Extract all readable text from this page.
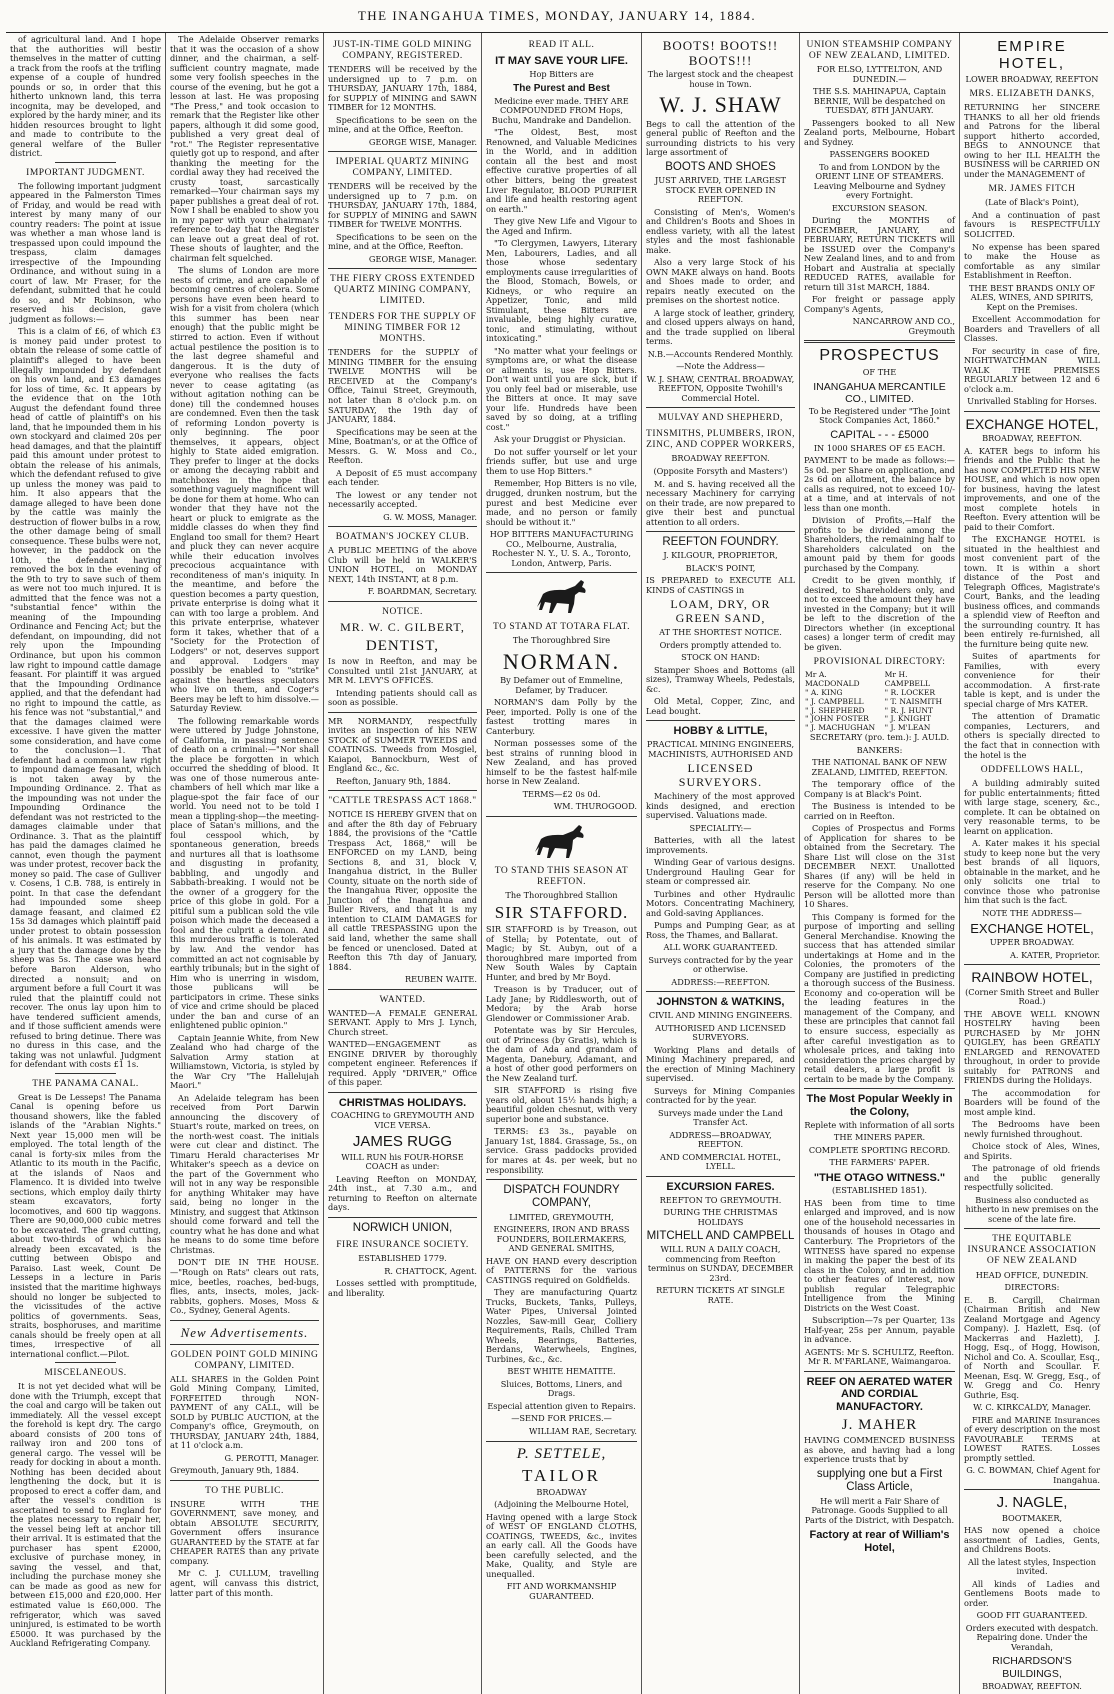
THE INANGAHUA TIMES, MONDAY, JANUARY 14, 1884.

of agricultural land. And I hope that the authorities will bestir themselves in the matter of cutting a track from the roofs at the trifling expense of a couple of hundred pounds or so, in order that this hitherto unknown land, this terra incognita, may be developed, and explored by the hardy miner, and its hidden resources brought to light and made to contribute to the general welfare of the Buller district.

IMPORTANT JUDGMENT.

The following important judgment appeared in the Palmerston Times of Friday, and would be read with interest by many many of our country readers: The point at issue was whether a man whose land is trespassed upon could impound the trespass, claim damages irrespective of the Impounding Ordinance, and without suing in a court of law. Mr Fraser, for the defendant, submitted that he could do so, and Mr Robinson, who reserved his decision, gave judgment as follows:—

This is a claim of £6, of which £3 is money paid under protest to obtain the release of some cattle of plaintiff's alleged to have been illegally impounded by defendant on his own land, and £3 damages for loss of time, &c. It appears by the evidence that on the 10th August the defendant found three head of cattle of plaintiff's on his land, that he impounded them in his own stockyard and claimed 20s per head damages, and that the plaintiff paid this amount under protest to obtain the release of his animals, which the defendant refused to give up unless the money was paid to him. It also appears that the damage alleged to have been done by the cattle was mainly the destruction of flower bulbs in a row, the other damage being of small consequence. These bulbs were not, however, in the paddock on the 10th, the defendant having removed the box in the evening of the 9th to try to save such of them as were not too much injured. It is admitted that the fence was not a "substantial fence" within the meaning of the Impounding Ordinance and Fencing Act; but the defendant, on impounding, did not rely upon the Impounding Ordinance, but upon his common law right to impound cattle damage feasant. For plaintiff it was argued that the Impounding Ordinance applied, and that the defendant had no right to impound the cattle, as his fence was not "substantial," and that the damages claimed were excessive. I have given the matter some consideration, and have come to the conclusion—1. That defendant had a common law right to impound damage feasant, which is not taken away by the Impounding Ordinance. 2. That as the impounding was not under the Impounding Ordinance the defendant was not restricted to the damages claimable under that Ordinance. 3. That as the plaintiff has paid the damages claimed he cannot, even though the payment was under protest, recover back the money so paid. The case of Gulliver v. Cosens, 1 C.B. 788, is entirely in point. In that case the defendant had impounded some sheep damage feasant, and claimed £2 15s 3d damages which plaintiff paid under protest to obtain possession of his animals. It was estimated by a jury that the damage done by the sheep was 5s. The case was heard before Baron Alderson, who directed a nonsuit; and on argument before a full Court it was ruled that the plaintiff could not recover. The onus lay upon him to have tendered sufficient amends, and if those sufficient amends were refused to bring detinue. There was no duress in this case, and the taking was not unlawful. Judgment for defendant with costs £1 1s.

THE PANAMA CANAL.

Great is De Lesseps! The Panama Canal is opening before us thousand showers, like the fabled islands of the "Arabian Nights." Next year 15,000 men will be employed. The total length of the canal is forty-six miles from the Atlantic to its mouth in the Pacific, at the islands of Naos and Flamenco. It is divided into twelve sections, which employ daily thirty steam excavators, forty locomotives, and 600 tip waggons. There are 90,000,000 cubic metres to be excavated. The grand cutting, about two-thirds of which has already been excavated, is the cutting between Obispo and Paraiso. Last week, Count De Lesseps in a lecture in Paris insisted that the maritime highways should no longer be subjected to the vicissitudes of the active politics of governments. Seas, straits, bosphoruses, and maritime canals should be freely open at all times, irrespective of all international conflict.—Pilot.

MISCELANEOUS.

It is not yet decided what will be done with the Triumph, except that the coal and cargo will be taken out immediately. All the vessel except the forehold is kept dry. The cargo aboard consists of 200 tons of railway iron and 200 tons of general cargo. The vessel will be ready for docking in about a month. Nothing has been decided about lengthening the dock, but it is proposed to erect a coffer dam, and after the vessel's condition is ascertained to send to England for the plates necessary to repair her, the vessel being left at anchor till their arrival. It is estimated that the purchaser has spent £2000, exclusive of purchase money, in saving the vessel, and that, including the purchase money she can be made as good as new for between £15,000 and £20,000. Her estimated value is £60,000. The refrigerator, which was saved uninjured, is estimated to be worth £5000. It was purchased by the Auckland Refrigerating Company.

The Adelaide Observer remarks that it was the occasion of a show dinner, and the chairman, a self-sufficient country magnate, made some very foolish speeches in the course of the evening, but he got a lesson at last. He was proposing "The Press," and took occasion to remark that the Register like other papers, although it did some good, published a very great deal of "rot." The Register representative quietly got up to respond, and after thanking the meeting for the cordial away they had received the crusty toast, sarcastically remarked—Your chairman says my paper publishes a great deal of rot. Now I shall be enabled to show you in my paper with your chairman's reference to-day that the Register can leave out a great deal of rot. These shouts of laughter, and the chairman felt squelched.

The slums of London are more nests of crime, and are capable of becoming centres of cholera. Some persons have even been heard to wish for a visit from cholera (which this summer has been near enough) that the public might be stirred to action. Even if without actual pestilence the position is to the last degree shameful and dangerous. It is the duty of everyone who realises the facts never to cease agitating (as without agitation nothing can be done) till the condemned houses are condemned. Even then the task of reforming London poverty is only beginning. The poor themselves, it appears, object highly to State aided emigration. They prefer to linger at the docks or among the decaying rabbit and matchboxes in the hope that something vaguely magnificent will be done for them at home. Who can wonder that they have not the heart or pluck to emigrate as the middle classes do when they find England too small for them? Heart and pluck they can never acquire while their education involves precocious acquaintance with reconditeness of man's iniquity. In the meantime, and before the question becomes a party question, private enterprise is doing what it can with too large a problem. And this private enterprise, whatever form it takes, whether that of a "Society for the Protection of Lodgers" or not, deserves support and approval. Lodgers may possibly be enabled to "strike" against the heartless speculators who live on them, and Coger's Beers may be left to him dissolve.—Saturday Review.

The following remarkable words were uttered by Judge Johnstone, of California, in passing sentence of death on a criminal:—"Nor shall the place be forgotten in which occurred the shedding of blood. It was one of those numerous ante-chambers of hell which mar like a plague-spot the fair face of our world. You need not to be told I mean a tippling-shop—the meeting-place of Satan's millions, and the foul cesspool which, by spontaneous generation, breeds and nurtures all that is loathsome and disgusting in profanity, babbling, and ungodly and Sabbath-breaking. I would not be the owner of a groggery for the price of this globe in gold. For a pitiful sum a publican sold the vile poison which made the deceased a fool and the culprit a demon. And this murderous traffic is tolerated by law. And the vendor has committed an act not cognisable by earthly tribunals; but in the sight of Him who is unerring in wisdom, those publicans will be participators in crime. These sinks of vice and crime should be placed under the ban and curse of an enlightened public opinion."

Captain Jeannie White, from New Zealand who had charge of the Salvation Army station at Williamstown, Victoria, is styled by the War Cry "The Hallelujah Maori."

An Adelaide telegram has been received from Port Darwin announcing the discovery of Stuart's route, marked on trees, on the north-west coast. The initials were cut clear and distinct. The Timaru Herald characterises Mr Whitaker's speech as a device on the part of the Government who will not in any way be responsible for anything Whitaker may have said, being no longer in the Ministry, and suggest that Atkinson should come forward and tell the country what he has done and what he means to do some time before Christmas.

DON'T DIE IN THE HOUSE.—"Rough on Rats" clears out rats, mice, beetles, roaches, bed-bugs, flies, ants, insects, moles, jack-rabbits, gophers. Moses, Moss & Co., Sydney, General Agents.

New Advertisements.
GOLDEN POINT GOLD MINING COMPANY, LIMITED.

ALL SHARES in the Golden Point Gold Mining Company, Limited, FORFEITED through NON-PAYMENT of any CALL, will be SOLD by PUBLIC AUCTION, at the Company's office, Greymouth, on THURSDAY, JANUARY 24th, 1884, at 11 o'clock a.m.

G. PEROTTI, Manager.

Greymouth, January 9th, 1884.

TO THE PUBLIC.

INSURE WITH THE GOVERNMENT, save money, and obtain ABSOLUTE SECURITY, Government offers insurance GUARANTEED by the STATE at far CHEAPER RATES than any private company.

Mr C. J. CULLUM, travelling agent, will canvass this district, latter part of this month.

JUST-IN-TIME GOLD MINING COMPANY, REGISTERED.

TENDERS will be received by the undersigned up to 7 p.m. on THURSDAY, JANUARY 17th, 1884, for SUPPLY of MINING and SAWN TIMBER for 12 MONTHS.

Specifications to be seen on the mine, and at the Office, Reefton.

GEORGE WISE, Manager.
IMPERIAL QUARTZ MINING COMPANY, LIMITED.

TENDERS will be received by the undersigned up to 7 p.m. on THURSDAY, JANUARY 17th, 1884, for SUPPLY of MINING and SAWN TIMBER for TWELVE MONTHS.

Specifications to be seen on the mine, and at the Office, Reefton.

GEORGE WISE, Manager.
THE FIERY CROSS EXTENDED QUARTZ MINING COMPANY, LIMITED.
TENDERS FOR THE SUPPLY OF MINING TIMBER FOR 12 MONTHS.

TENDERS for the SUPPLY of MINING TIMBER for the ensuing TWELVE MONTHS will be RECEIVED at the Company's Office, Tainui Street, Greymouth, not later than 8 o'clock p.m. on SATURDAY, the 19th day of JANUARY, 1884.

Specifications may be seen at the Mine, Boatman's, or at the Office of Messrs. G. W. Moss and Co., Reefton.

A Deposit of £5 must accompany each tender.

The lowest or any tender not necessarily accepted.

G. W. MOSS, Manager.
BOATMAN'S JOCKEY CLUB.

A PUBLIC MEETING of the above Club will be held in WALKER'S UNION HOTEL, on MONDAY NEXT, 14th INSTANT, at 8 p.m.

F. BOARDMAN, Secretary.
NOTICE.
MR. W. C. GILBERT,
DENTIST,

Is now in Reefton, and may be Consulted until 21st JANUARY, at MR M. LEVY'S OFFICES.

Intending patients should call as soon as possible.

MR NORMANDY, respectfully invites an inspection of his NEW STOCK of SUMMER TWEEDS and COATINGS. Tweeds from Mosgiel, Kaiapoi, Bannockburn, West of England &c., &c.

Reefton, January 9th, 1884.

"CATTLE TRESPASS ACT 1868."

NOTICE IS HEREBY GIVEN that on and after the 8th day of February 1884, the provisions of the "Cattle Trespass Act, 1868," will be ENFORCED on my LAND, being Sections 8, and 31, block V, Inangahua district, in the Buller County, situate on the north side of the Inangahua River, opposite the Junction of the Inangahua and Buller Rivers, and that it is my intention to CLAIM DAMAGES for all cattle TRESPASSING upon the said land, whether the same shall be fenced or unenclosed. Dated at Reefton this 7th day of January, 1884.

REUBEN WAITE.
WANTED.

WANTED—A FEMALE GENERAL SERVANT. Apply to Mrs J. Lynch, Church street.

WANTED—ENGAGEMENT as ENGINE DRIVER by thoroughly competent engineer. References if required. Apply "DRIVER," Office of this paper.

CHRISTMAS HOLIDAYS.

COACHING to GREYMOUTH AND VICE VERSA.

JAMES RUGG

WILL RUN his FOUR-HORSE COACH as under:

Leaving Reefton on MONDAY, 24th inst., at 7.30 a.m., and returning to Reefton on alternate days.

NORWICH UNION,
FIRE INSURANCE SOCIETY.

ESTABLISHED 1779.

R. CHATTOCK, Agent.

Losses settled with promptitude, and liberality.

READ IT ALL.
IT MAY SAVE YOUR LIFE.

Hop Bitters are

The Purest and Best

Medicine ever made. THEY ARE COMPOUNDED FROM Hops, Buchu, Mandrake and Dandelion.

"The Oldest, Best, most Renowned, and Valuable Medicines in the World, and in addition contain all the best and most effective curative properties of all other bitters, being the greatest Liver Regulator, BLOOD PURIFIER and life and health restoring agent on earth."

They give New Life and Vigour to the Aged and Infirm.

"To Clergymen, Lawyers, Literary Men, Labourers, Ladies, and all those whose sedentary employments cause irregularities of the Blood, Stomach, Bowels, or Kidneys, or who require an Appetizer, Tonic, and mild Stimulant, these Bitters are invaluable, being highly curative, tonic, and stimulating, without intoxicating."

"No matter what your feelings or symptoms are, or what the disease or ailments is, use Hop Bitters. Don't wait until you are sick, but if you only feel bad or miserable, use the Bitters at once. It may save your life. Hundreds have been saved by so doing, at a trifling cost."

Ask your Druggist or Physician.

Do not suffer yourself or let your friends suffer, but use and urge them to use Hop Bitters."

Remember, Hop Bitters is no vile, drugged, drunken nostrum, but the purest and best Medicine ever made, and no person or family should be without it."

HOP BITTERS MANUFACTURING CO., Melbourne, Australia, Rochester N. Y., U. S. A., Toronto, London, Antwerp, Paris.

TO STAND AT TOTARA FLAT.

The Thoroughbred Sire

NORMAN.

By Defamer out of Emmeline, Defamer, by Traducer.

NORMAN'S dam Polly by the Peer, imported. Polly is one of the fastest trotting mares in Canterbury.

Norman possesses some of the best strains of running blood in New Zealand, and has proved himself to be the fastest half-mile horse in New Zealand.

TERMS—£2 0s 0d.

WM. THUROGOOD.
TO STAND THIS SEASON AT REEFTON.

The Thoroughbred Stallion

SIR STAFFORD.

SIR STAFFORD is by Treason, out of Stella; by Potentate, out of Magic; by St. Aubyn, out of a thoroughbred mare imported from New South Wales by Captain Hunter, and bred by Mr Boyd.

Treason is by Traducer, out of Lady Jane; by Riddlesworth, out of Medora; by the Arab horse Glendower or Commissioner Arab.

Potentate was by Sir Hercules, out of Princess (by Gratis), which is the dam of Ada and grandam of Magenta, Danebury, Adamant, and a host of other good performers on the New Zealand turf.

SIR STAFFORD is rising five years old, about 15½ hands high; a beautiful golden chesnut, with very superior bone and substance.

TERMS: £3 3s., payable on January 1st, 1884. Grassage, 5s., on service. Grass paddocks provided for mares at 4s. per week, but no responsibility.

DISPATCH FOUNDRY COMPANY,

LIMITED, GREYMOUTH,

ENGINEERS, IRON AND BRASS FOUNDERS, BOILERMAKERS, AND GENERAL SMITHS,

HAVE ON HAND every description of PATTERNS for the various CASTINGS required on Goldfields.

They are manufacturing Quartz Trucks, Buckets, Tanks, Pulleys, Water Pipes, Universal Jointed Nozzles, Saw-mill Gear, Colliery Requirements, Rails, Chilled Tram Wheels, Bearings, Batteries, Berdans, Waterwheels, Engines, Turbines, &c., &c.

BEST WHITE HEMATITE.

Sluices, Bottoms, Liners, and Drags.

Especial attention given to Repairs.

—SEND FOR PRICES.—

WILLIAM RAE, Secretary.
P. SETTELE,
TAILOR

BROADWAY

(Adjoining the Melbourne Hotel,

Having opened with a large Stock of WEST OF ENGLAND CLOTHS, COATINGS, TWEEDS, &c., invites an early call. All the Goods have been carefully selected, and the Make, Quality, and Style are unequalled.

FIT AND WORKMANSHIP GUARANTEED.

BOOTS! BOOTS!! BOOTS!!!

The largest stock and the cheapest house in Town.

W. J. SHAW

Begs to call the attention of the general public of Reefton and the surrounding districts to his very large assortment of

BOOTS AND SHOES

JUST ARRIVED, THE LARGEST STOCK EVER OPENED IN REEFTON.

Consisting of Men's, Women's and Children's Boots and Shoes in endless variety, with all the latest styles and the most fashionable make.

Also a very large Stock of his OWN MAKE always on hand. Boots and Shoes made to order, and repairs neatly executed on the premises on the shortest notice.

A large stock of leather, grindery, and closed uppers always on hand, and the trade supplied on liberal terms.

N.B.—Accounts Rendered Monthly.

—Note the Address—

W. J. SHAW, CENTRAL BROADWAY, REEFTON, Opposite Twohill's Commercial Hotel.

MULVAY AND SHEPHERD,
TINSMITHS, PLUMBERS, IRON, ZINC, AND COPPER WORKERS,

BROADWAY REEFTON.

(Opposite Forsyth and Masters')

M. and S. having received all the necessary Machinery for carrying on their trade, are now prepared to give their best and punctual attention to all orders.

REEFTON FOUNDRY.

J. KILGOUR, PROPRIETOR,

BLACK'S POINT,

IS PREPARED to EXECUTE ALL KINDS of CASTINGS in

LOAM, DRY, OR GREEN SAND,

AT THE SHORTEST NOTICE.

Orders promptly attended to.

STOCK ON HAND:

Stamper Shoes and Bottoms (all sizes), Tramway Wheels, Pedestals, &c.

Old Metal, Copper, Zinc, and Lead bought.

HOBBY & LITTLE,

PRACTICAL MINING ENGINEERS, MACHINISTS, AUTHORISED AND

LICENSED SURVEYORS.

Machinery of the most approved kinds designed, and erection supervised. Valuations made.

SPECIALITY:—

Batteries, with all the latest improvements.

Winding Gear of various designs. Underground Hauling Gear for steam or compressed air.

Turbines and other Hydraulic Motors. Concentrating Machinery, and Gold-saving Appliances.

Pumps and Pumping Gear, as at Ross, the Thames, and Ballarat.

ALL WORK GUARANTEED.

Surveys contracted for by the year or otherwise.

ADDRESS:—REEFTON.

JOHNSTON & WATKINS,

CIVIL AND MINING ENGINEERS.

AUTHORISED AND LICENSED SURVEYORS.

Working Plans and details of Mining Machinery prepared, and the erection of Mining Machinery supervised.

Surveys for Mining Companies contracted for by the year.

Surveys made under the Land Transfer Act.

ADDRESS—BROADWAY, REEFTON.

AND COMMERCIAL HOTEL, LYELL.

EXCURSION FARES.

REEFTON TO GREYMOUTH.

DURING THE CHRISTMAS HOLIDAYS

MITCHELL AND CAMPBELL

WILL RUN A DAILY COACH, commencing from Reefton terminus on SUNDAY, DECEMBER 23rd.

RETURN TICKETS AT SINGLE RATE.

UNION STEAMSHIP COMPANY OF NEW ZEALAND, LIMITED.

FOR ELSO, LYTTELTON, AND DUNEDIN.—

THE S.S. MAHINAPUA, Captain BERNIE, Will be despatched on TUESDAY, 8TH JANUARY.

Passengers booked to all New Zealand ports, Melbourne, Hobart and Sydney.

PASSENGERS BOOKED

To and from LONDON by the ORIENT LINE OF STEAMERS. Leaving Melbourne and Sydney every Fortnight.

EXCURSION SEASON.

During the MONTHS of DECEMBER, JANUARY, and FEBRUARY, RETURN TICKETS will be ISSUED over the Company's New Zealand lines, and to and from Hobart and Australia at specially REDUCED RATES, available for return till 31st MARCH, 1884.

For freight or passage apply Company's Agents,

NANCARROW AND CO., Greymouth
PROSPECTUS

OF THE

INANGAHUA MERCANTILE CO., LIMITED.

To be Registered under "The Joint Stock Companies Act, 1860."

CAPITAL - - - £5000

IN 1000 SHARES OF £5 EACH.

PAYMENT to be made as follows:—5s 0d. per Share on application, and 2s 6d on allotment, the balance by calls as required, not to exceed 10/- at a time, and at intervals of not less than one month.

Division of Profits,—Half the profits to be divided among the Shareholders, the remaining half to Shareholders calculated on the amount paid by them for goods purchased by the Company.

Credit to be given monthly, if desired, to Shareholders only, and not to exceed the amount they have invested in the Company; but it will be left to the discretion of the Directors whether (in exceptional cases) a longer term of credit may be given.

PROVISIONAL DIRECTORY:
Mr A. MACDONALD	Mr H. CAMPBELL
" A. KING	" R. LOCKER
" J. CAMPBELL	" T. NAISMITH
" J. SHEPHERD	" R. J. HUNT
" JOHN FOSTER	" J. KNIGHT
" J. MACHUGHAN	" J. M'LEAN

SECRETARY (pro. tem.): J. AULD.

BANKERS:

THE NATIONAL BANK OF NEW ZEALAND, LIMITED, REEFTON.

The temporary office of the Company is at Black's Point.

The Business is intended to be carried on in Reefton.

Copies of Prospectus and Forms of Application for shares to be obtained from the Secretary. The Share List will close on the 31st DECEMBER NEXT. Unallotted Shares (if any) will be held in reserve for the Company. No one Person will be allotted more than 10 Shares.

This Company is formed for the purpose of importing and selling General Merchandise. Knowing the success that has attended similar undertakings at Home and in the Colonies, the promoters of the Company are justified in predicting a thorough success of the Business. Economy and co-operation will be the leading features in the management of the Company, and these are principles that cannot fail to ensure success, especially as after careful investigation as to wholesale prices, and taking into consideration the prices charged by retail dealers, a large profit is certain to be made by the Company.

The Most Popular Weekly in the Colony,

Replete with information of all sorts

THE MINERS PAPER.

COMPLETE SPORTING RECORD.

THE FARMERS' PAPER.

"THE OTAGO WITNESS."

(ESTABLISHED 1851).

HAS been from time to time enlarged and improved, and is now one of the household necessaries in thousands of houses in Otago and Canterbury. The Proprietors of the WITNESS have spared no expense in making the paper the best of its class in the Colony, and in addition to other features of interest, now publish regular Telegraphic Intelligence from the Mining Districts on the West Coast.

Subscription—7s per Quarter, 13s Half-year, 25s per Annum, payable in advance.

AGENTS: Mr S. SCHULTZ, Reefton. Mr R. M'FARLANE, Waimangaroa.

REEF ON AERATED WATER AND CORDIAL MANUFACTORY.
J. MAHER

HAVING COMMENCED BUSINESS as above, and having had a long experience trusts that by

supplying one but a First Class Article,

He will merit a Fair Share of Patronage. Goods Supplied to all Parts of the District, with Despatch.

Factory at rear of William's Hotel,
EMPIRE HOTEL,

LOWER BROADWAY, REEFTON

MRS. ELIZABETH DANKS,

RETURNING her SINCERE THANKS to all her old friends and Patrons for the liberal support hitherto accorded, BEGS to ANNOUNCE that owing to her ILL HEALTH the BUSINESS will be CARRIED ON under the MANAGEMENT of

MR. JAMES FITCH

(Late of Black's Point),

And a continuation of past favours is RESPECTFULLY SOLICITED.

No expense has been spared to make the House as comfortable as any similar Establishment in Reefton.

THE BEST BRANDS ONLY OF ALES, WINES, AND SPIRITS, Kept on the Premises.

Excellent Accommodation for Boarders and Travellers of all Classes.

For security in case of fire, NIGHTWATCHMAN WILL WALK THE PREMISES REGULARLY between 12 and 6 o'clock a.m.

Unrivalled Stabling for Horses.

EXCHANGE HOTEL,

BROADWAY, REEFTON.

A. KATER begs to inform his friends and the Public that he has now COMPLETED HIS NEW HOUSE, and which is now open for business, having the latest improvements, and one of the most complete hotels in Reefton. Every attention will be paid to their Comfort.

The EXCHANGE HOTEL is situated in the healthiest and most convenient part of the town. It is within a short distance of the Post and Telegraph Offices, Magistrate's Court, Banks, and the leading business offices, and commands a splendid view of Reefton and the surrounding country. It has been entirely re-furnished, all the furniture being quite new.

Suites of apartments for Families, with every convenience for their accommodation. A first-rate table is kept, and is under the special charge of Mrs KATER.

The attention of Dramatic companies, Lecturers, and others is specially directed to the fact that in connection with the hotel is the

ODDFELLOWS HALL,

A building admirably suited for public entertainments; fitted with large stage, scenery, &c., complete. It can be obtained on very reasonable terms, to be learnt on application.

A. Kater makes it his special study to keep none but the very best brands of all liquors, obtainable in the market, and he only solicits one trial to convince those who patronise him that such is the fact.

NOTE THE ADDRESS—

EXCHANGE HOTEL,

UPPER BROADWAY.

A. KATER, Proprietor.
RAINBOW HOTEL,

(Corner Smith Street and Buller Road.)

THE ABOVE WELL KNOWN HOSTELRY having been PURCHASED by Mr JOHN QUIGLEY, has been GREATLY ENLARGED and RENOVATED throughout, in order to provide suitably for PATRONS and FRIENDS during the Holidays.

The accommodation for Boarders will be found of the most ample kind.

The Bedrooms have been newly furnished throughout.

Choice stock of Ales, Wines, and Spirits.

The patronage of old friends and the public generally respectfully solicited.

Business also conducted as hitherto in new premises on the scene of the late fire.

THE EQUITABLE INSURANCE ASSOCIATION OF NEW ZEALAND

HEAD OFFICE, DUNEDIN.

DIRECTORS:

E. B. Cargill, Chairman (Chairman British and New Zealand Mortgage and Agency Company). J. Hazlett, Esq. (of Mackerras and Hazlett), J. Hogg, Esq., of Hogg, Howison, Nichol and Co. A. Scoullar, Esq., of North and Scoullar. F. Meenan, Esq. W. Gregg, Esq., of W. Gregg and Co. Henry Guthrie, Esq.

W. C. KIRKCALDY, Manager.

FIRE and MARINE Insurances of every description on the most FAVOURABLE TERMS at LOWEST RATES. Losses promptly settled.

G. C. BOWMAN, Chief Agent for Inangahua.
J. NAGLE,

BOOTMAKER,

HAS now opened a choice assortment of Ladies, Gents, and Childrens Boots.

All the latest styles, Inspection invited.

All kinds of Ladies and Gentlemens Boots made to order.

GOOD FIT GUARANTEED.

Orders executed with despatch. Repairing done. Under the Verandah,

RICHARDSON'S BUILDINGS,

BROADWAY, REEFTON.
